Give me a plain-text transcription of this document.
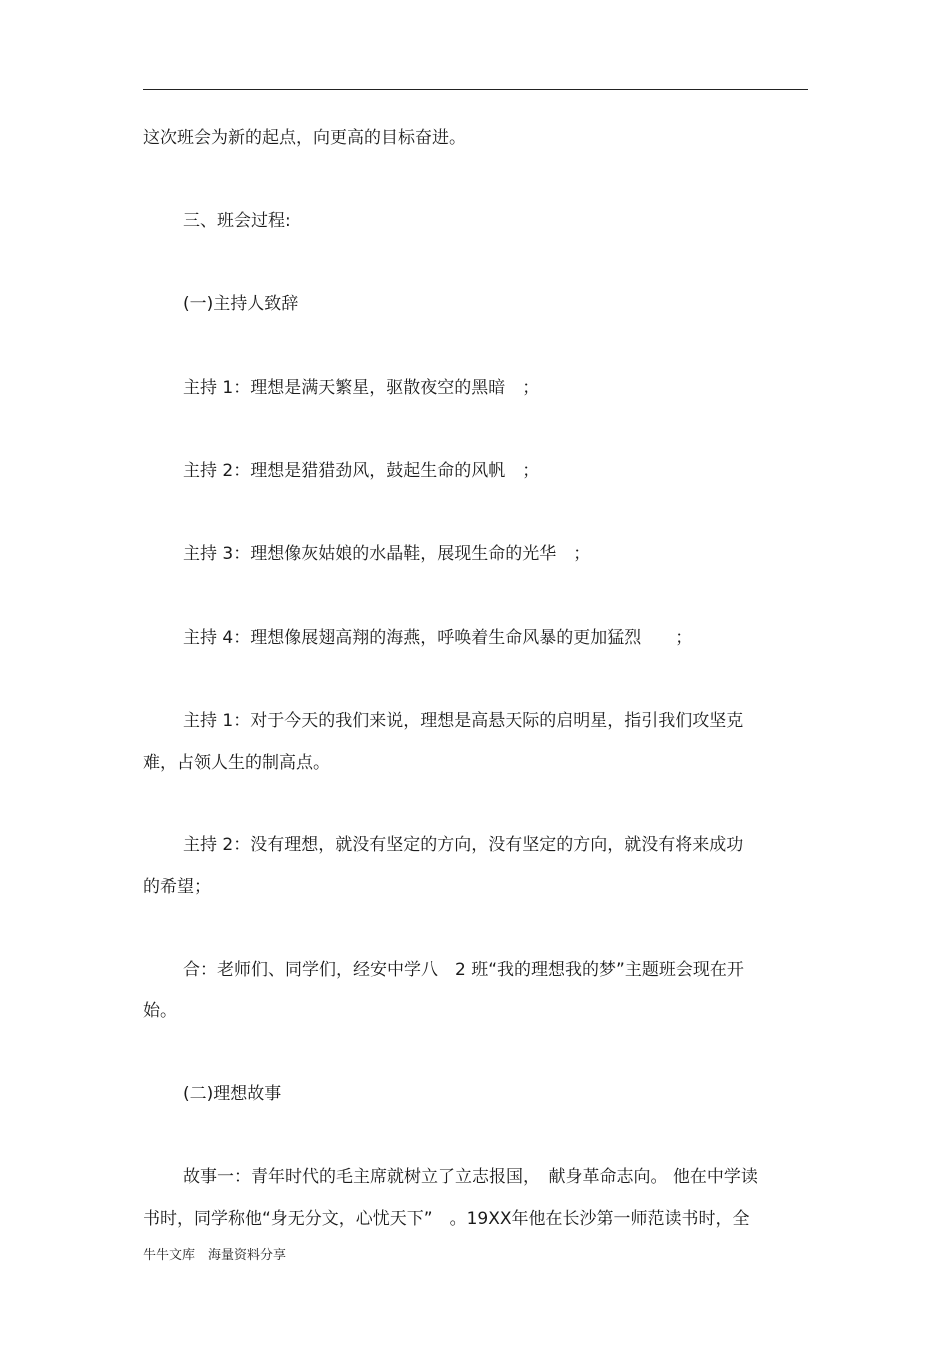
这次班会为新的起点，向更高的目标奋进。

三、班会过程:

(一)主持人致辞

主持 1：理想是满天繁星，驱散夜空的黑暗　；

主持 2：理想是猎猎劲风，鼓起生命的风帆　；

主持 3：理想像灰姑娘的水晶鞋，展现生命的光华　；

主持 4：理想像展翅高翔的海燕，呼唤着生命风暴的更加猛烈　　；

主持 1：对于今天的我们来说，理想是高悬天际的启明星，指引我们攻坚克

难，占领人生的制高点。

主持 2：没有理想，就没有坚定的方向，没有坚定的方向，就没有将来成功

的希望；

合：老师们、同学们，经安中学八　2 班“我的理想我的梦”主题班会现在开

始。

(二)理想故事

故事一：青年时代的毛主席就树立了立志报国，　献身革命志向。 他在中学读

书时，同学称他“身无分文，心忧天下”　。19XX年他在长沙第一师范读书时，全

牛牛文库　海量资料分享
